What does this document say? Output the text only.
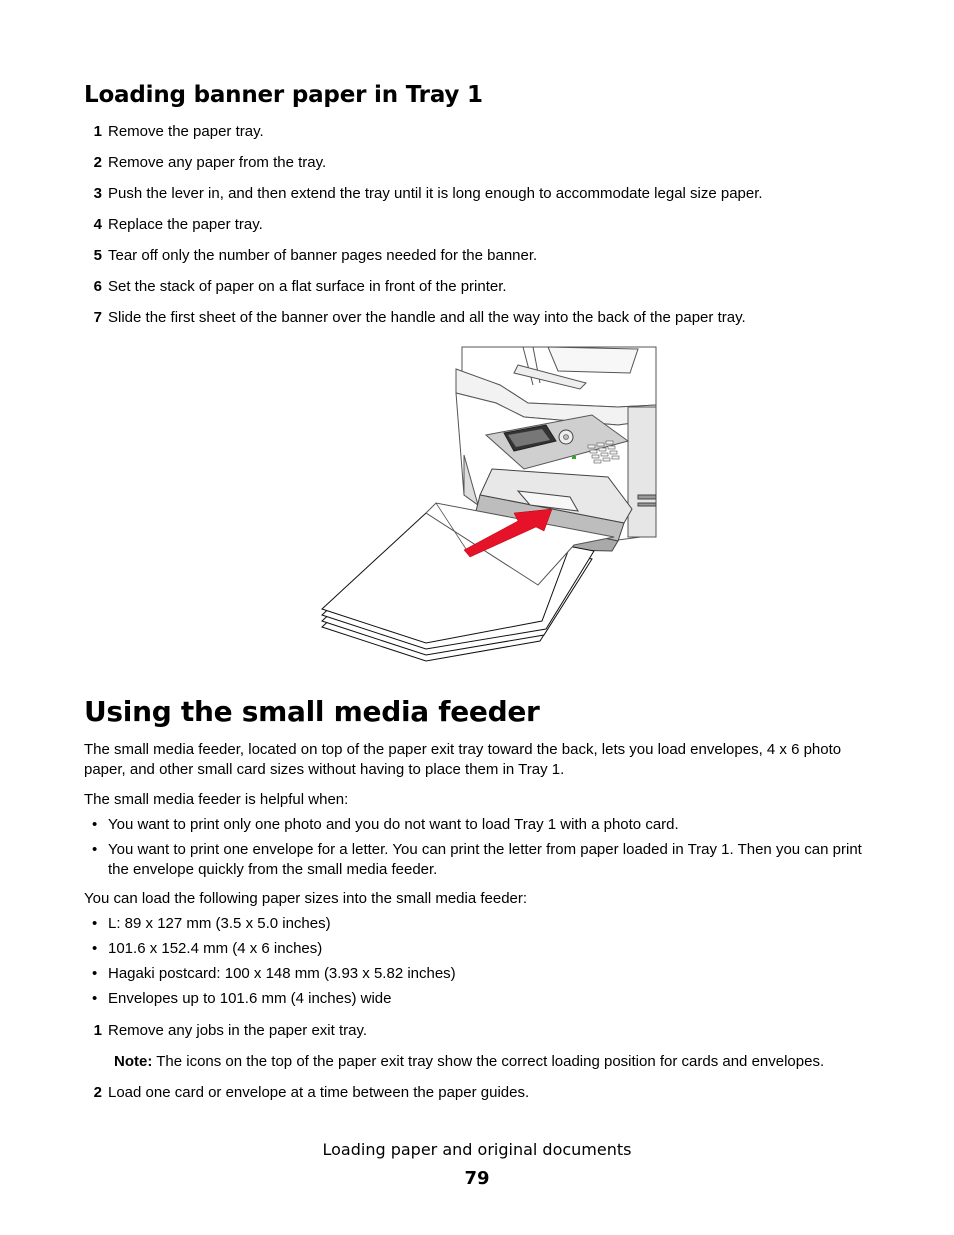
Loading banner paper in Tray 1
1 Remove the paper tray.
2 Remove any paper from the tray.
3 Push the lever in, and then extend the tray until it is long enough to accommodate legal size paper.
4 Replace the paper tray.
5 Tear off only the number of banner pages needed for the banner.
6 Set the stack of paper on a flat surface in front of the printer.
7 Slide the first sheet of the banner over the handle and all the way into the back of the paper tray.
Using the small media feeder
The small media feeder, located on top of the paper exit tray toward the back, lets you load envelopes, 4 x 6 photo paper, and other small card sizes without having to place them in Tray 1.
The small media feeder is helpful when:
• You want to print only one photo and you do not want to load Tray 1 with a photo card.
• You want to print one envelope for a letter. You can print the letter from paper loaded in Tray 1. Then you can print the envelope quickly from the small media feeder.
You can load the following paper sizes into the small media feeder:
• L: 89 x 127 mm (3.5 x 5.0 inches)
• 101.6 x 152.4 mm (4 x 6 inches)
• Hagaki postcard: 100 x 148 mm (3.93 x 5.82 inches)
• Envelopes up to 101.6 mm (4 inches) wide
1 Remove any jobs in the paper exit tray.
Note: The icons on the top of the paper exit tray show the correct loading position for cards and envelopes.
2 Load one card or envelope at a time between the paper guides.
Loading paper and original documents
79
